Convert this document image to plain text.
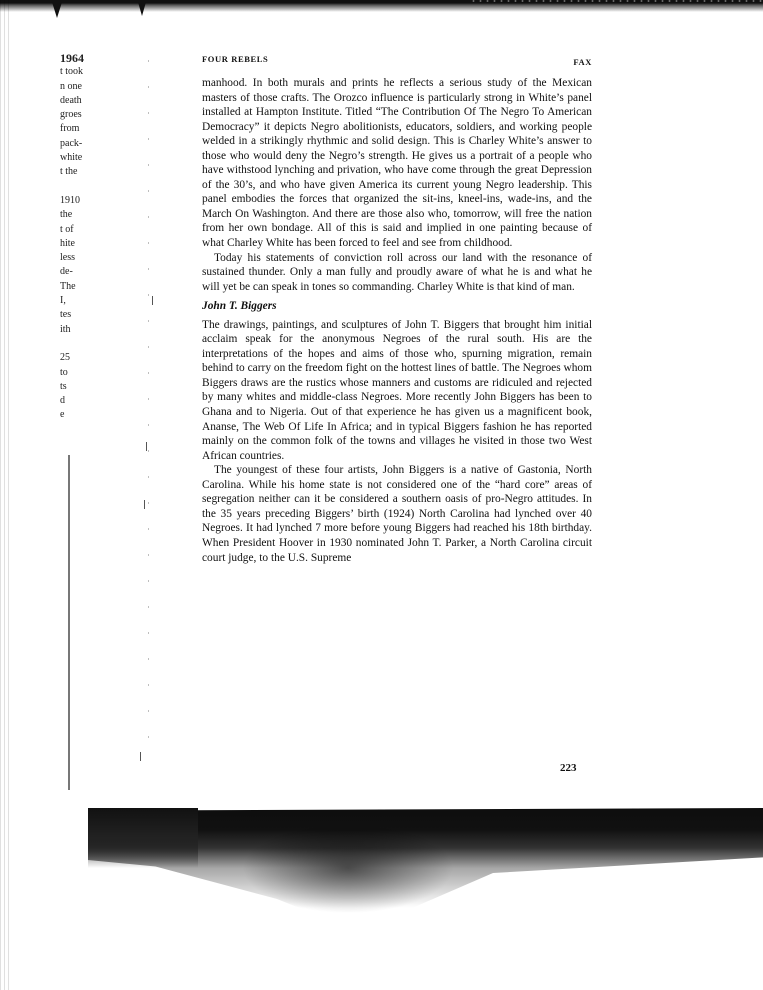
1964
t took
n one
death
groes
from
pack-
white
t the
1910
the
t of
hite
less
de-
The
I,
tes
ith
25
to
ts
d
e
FOUR REBELS	FAX

manhood. In both murals and prints he reflects a serious study of the Mexican masters of those crafts. The Orozco influence is particularly strong in White’s panel installed at Hampton Institute. Titled “The Contribution Of The Negro To American Democracy” it depicts Negro abolitionists, educators, soldiers, and working people welded in a strikingly rhythmic and solid design. This is Charley White’s answer to those who would deny the Negro’s strength. He gives us a portrait of a people who have withstood lynching and privation, who have come through the great Depression of the 30’s, and who have given America its current young Negro leadership. This panel embodies the forces that organized the sit-ins, kneel-ins, wade-ins, and the March On Washington. And there are those also who, tomorrow, will free the nation from her own bondage. All of this is said and implied in one painting because of what Charley White has been forced to feel and see from childhood.

Today his statements of conviction roll across our land with the resonance of sustained thunder. Only a man fully and proudly aware of what he is and what he will yet be can speak in tones so commanding. Charley White is that kind of man.

John T. Biggers

The drawings, paintings, and sculptures of John T. Biggers that brought him initial acclaim speak for the anonymous Negroes of the rural south. His are the interpretations of the hopes and aims of those who, spurning migration, remain behind to carry on the freedom fight on the hottest lines of battle. The Negroes whom Biggers draws are the rustics whose manners and customs are ridiculed and rejected by many whites and middle-class Negroes. More recently John Biggers has been to Ghana and to Nigeria. Out of that experience he has given us a magnificent book, Ananse, The Web Of Life In Africa; and in typical Biggers fashion he has reported mainly on the common folk of the towns and villages he visited in those two West African countries.

The youngest of these four artists, John Biggers is a native of Gastonia, North Carolina. While his home state is not considered one of the “hard core” areas of segregation neither can it be considered a southern oasis of pro-Negro attitudes. In the 35 years preceding Biggers’ birth (1924) North Carolina had lynched over 40 Negroes. It had lynched 7 more before young Biggers had reached his 18th birthday. When President Hoover in 1930 nominated John T. Parker, a North Carolina circuit court judge, to the U.S. Supreme

223
